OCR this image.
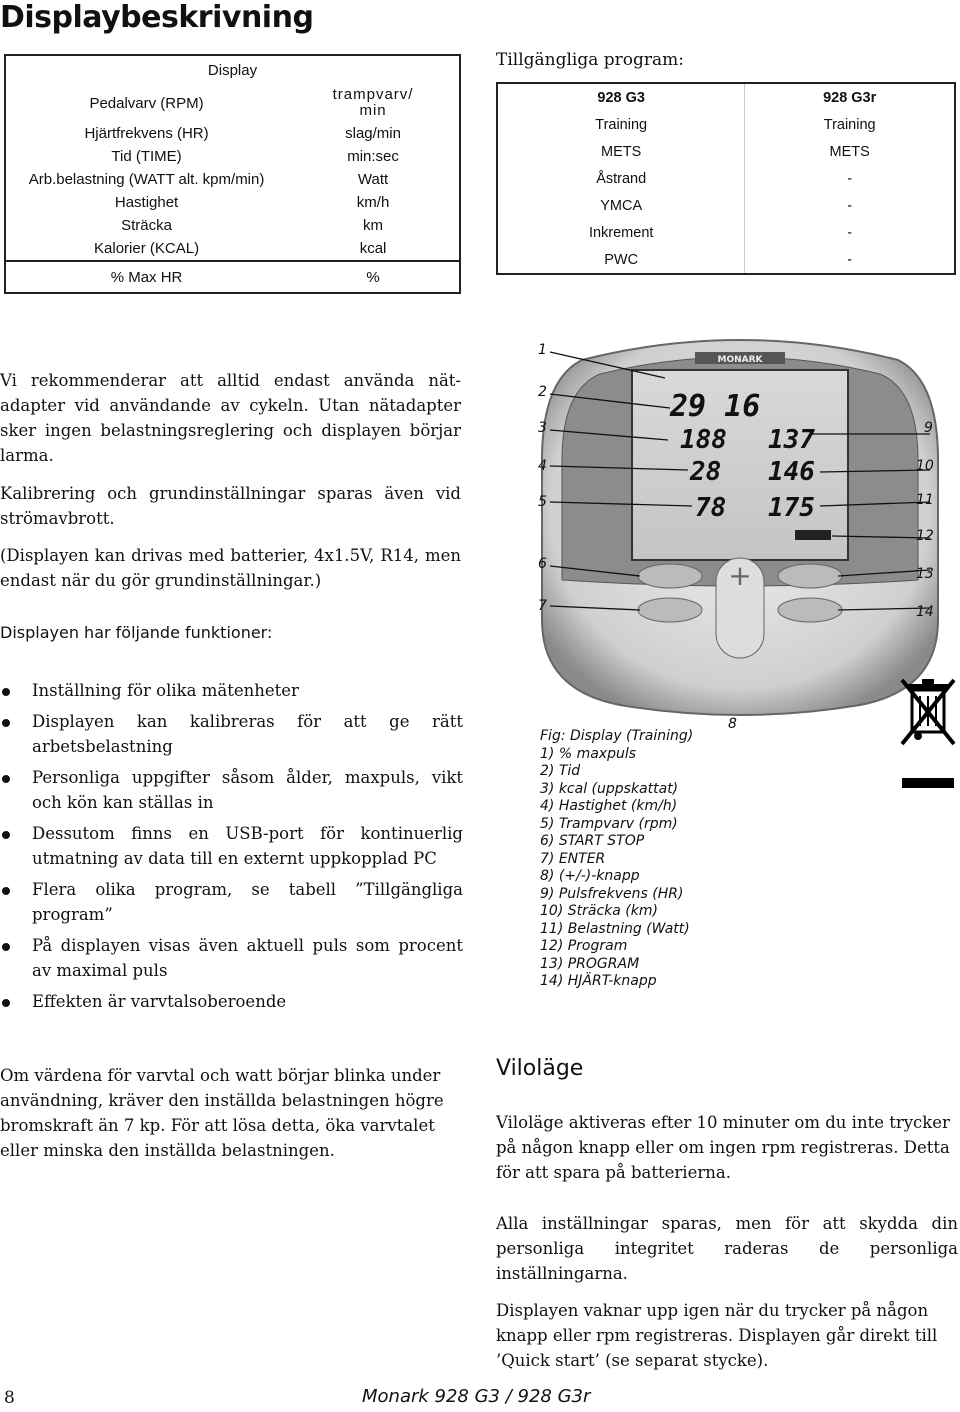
Displaybeskrivning
Display	
Pedalvarv (RPM)	trampvarv/
min
Hjärtfrekvens (HR)	slag/min
Tid (TIME)	min:sec
Arb.belastning (WATT alt. kpm/min)	Watt
Hastighet	km/h
Sträcka	km
Kalorier (KCAL)	kcal
% Max HR	%
Tillgängliga program:
928 G3	928 G3r
Training	Training
METS	METS
Åstrand	-
YMCA	-
Inkrement	-
PWC	-

Vi rekommenderar att alltid endast använda nät-adapter vid användande av cykeln. Utan nätadapter sker ingen belastningsreglering och displayen börjar larma.

Kalibrering och grundinställningar sparas även vid strömavbrott.

(Displayen kan drivas med batterier, 4x1.5V, R14, men endast när du gör grundinställningar.)

Displayen har följande funktioner:

Inställning för olika mätenheter
Displayen kan kalibreras för att ge rätt arbetsbelastning
Personliga uppgifter såsom ålder, maxpuls, vikt och kön kan ställas in
Dessutom finns en USB-port för kontinuerlig utmatning av data till en externt uppkopplad PC
Flera olika program, se tabell ”Tillgängliga program”
På displayen visas även aktuell puls som procent av maximal puls
Effekten är varvtalsoberoende
MONARK
29 16
188 137
28 146
78 175
+
1
2
3
4
5
6
7
8
9
10
11
12
13
14
Fig: Display (Training)
1) % maxpuls
2) Tid
3) kcal (uppskattat)
4) Hastighet (km/h)
5) Trampvarv (rpm)
6) START STOP
7) ENTER
8) (+/-)-knapp
9) Pulsfrekvens (HR)
10) Sträcka (km)
11) Belastning (Watt)
12) Program
13) PROGRAM
14) HJÄRT-knapp

Om värdena för varvtal och watt börjar blinka under användning, kräver den inställda belastningen högre bromskraft än 7 kp. För att lösa detta, öka varvtalet eller minska den inställda belastningen.

Viloläge

Viloläge aktiveras efter 10 minuter om du inte trycker på någon knapp eller om ingen rpm registreras. Detta för att spara på batterierna.

Alla inställningar sparas, men för att skydda din personliga integritet raderas de personliga inställningarna.

Displayen vaknar upp igen när du trycker på någon knapp eller rpm registreras. Displayen går direkt till ’Quick start’ (se separat stycke).

8	Monark 928 G3 / 928 G3r
